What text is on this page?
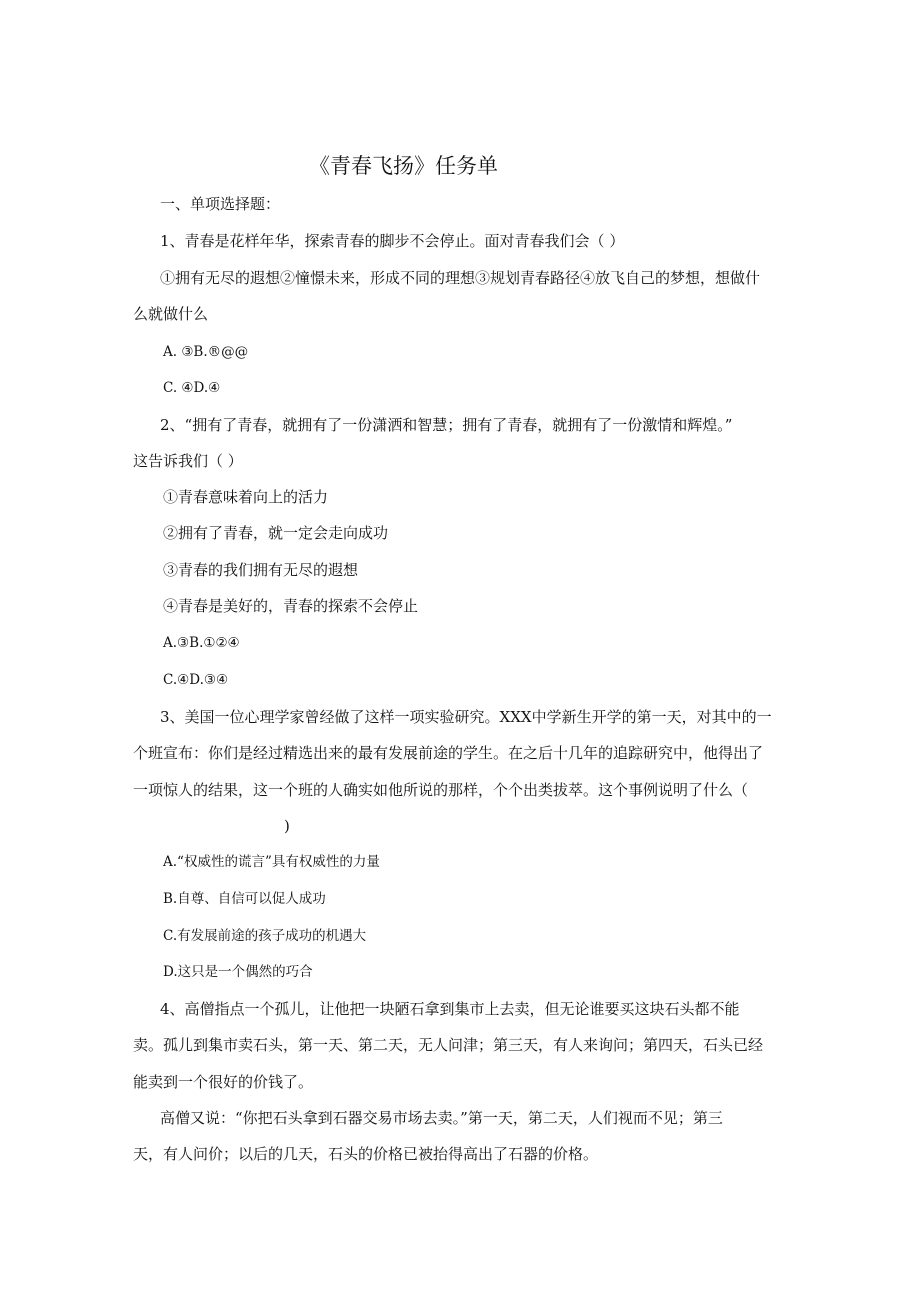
《青春飞扬》任务单
一、单项选择题：
1、青春是花样年华，探索青春的脚步不会停止。面对青春我们会（ ）
①拥有无尽的遐想②憧憬未来，形成不同的理想③规划青春路径④放飞自己的梦想，想做什
么就做什么
A. ③B.®@@
C. ④D.④
2、“拥有了青春，就拥有了一份潇洒和智慧；拥有了青春，就拥有了一份激情和辉煌。”
这告诉我们（ ）
①青春意味着向上的活力
②拥有了青春，就一定会走向成功
③青春的我们拥有无尽的遐想
④青春是美好的，青春的探索不会停止
A.③B.①②④
C.④D.③④
3、美国一位心理学家曾经做了这样一项实验研究。XXX中学新生开学的第一天，对其中的一
个班宣布：你们是经过精选出来的最有发展前途的学生。在之后十几年的追踪研究中，他得出了
一项惊人的结果，这一个班的人确实如他所说的那样，个个出类拔萃。这个事例说明了什么（
)
A.“权威性的谎言”具有权威性的力量
B.自尊、自信可以促人成功
C.有发展前途的孩子成功的机遇大
D.这只是一个偶然的巧合
4、高僧指点一个孤儿，让他把一块陋石拿到集市上去卖，但无论谁要买这块石头都不能
卖。孤儿到集市卖石头，第一天、第二天，无人问津；第三天，有人来询问；第四天，石头已经
能卖到一个很好的价钱了。
高僧又说：“你把石头拿到石器交易市场去卖。”第一天，第二天，人们视而不见；第三
天，有人问价；以后的几天，石头的价格已被抬得高出了石器的价格。
